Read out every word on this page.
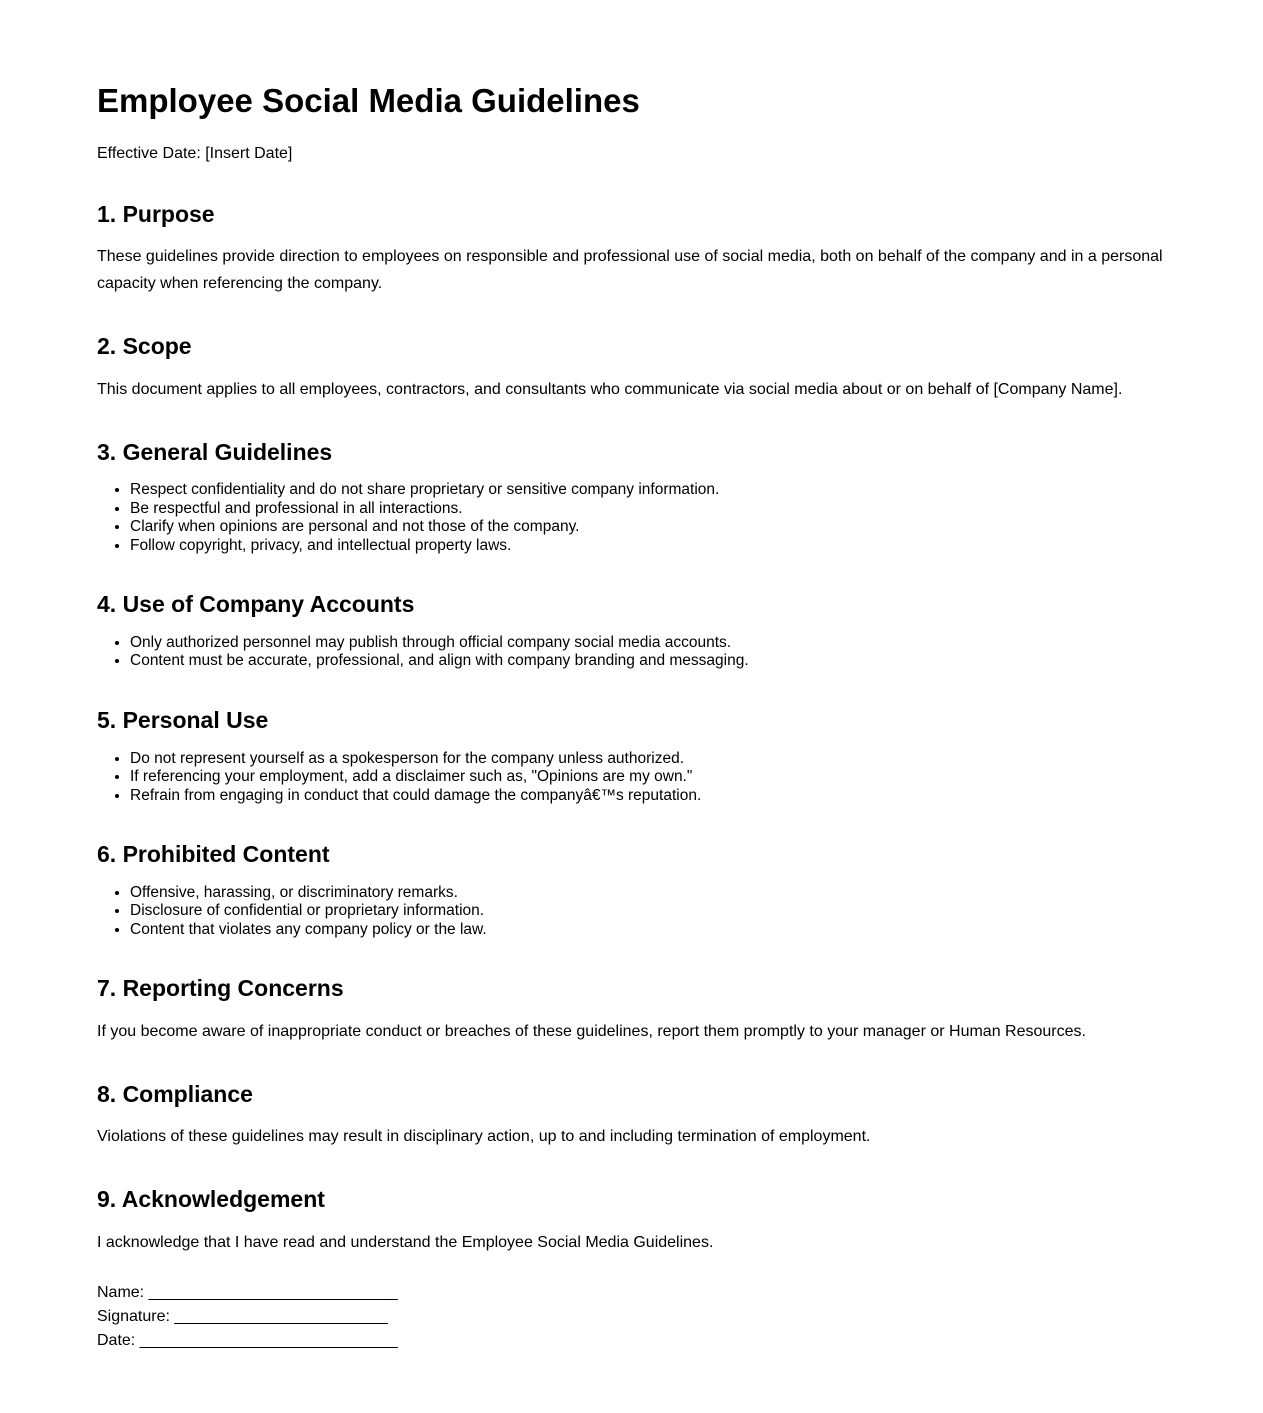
Employee Social Media Guidelines

Effective Date: [Insert Date]

1. Purpose

These guidelines provide direction to employees on responsible and professional use of social media, both on behalf of the company and in a personal capacity when referencing the company.

2. Scope

This document applies to all employees, contractors, and consultants who communicate via social media about or on behalf of [Company Name].

3. General Guidelines
• Respect confidentiality and do not share proprietary or sensitive company information.
• Be respectful and professional in all interactions.
• Clarify when opinions are personal and not those of the company.
• Follow copyright, privacy, and intellectual property laws.
4. Use of Company Accounts
• Only authorized personnel may publish through official company social media accounts.
• Content must be accurate, professional, and align with company branding and messaging.
5. Personal Use
• Do not represent yourself as a spokesperson for the company unless authorized.
• If referencing your employment, add a disclaimer such as, "Opinions are my own."
• Refrain from engaging in conduct that could damage the companyâ€™s reputation.
6. Prohibited Content
• Offensive, harassing, or discriminatory remarks.
• Disclosure of confidential or proprietary information.
• Content that violates any company policy or the law.
7. Reporting Concerns

If you become aware of inappropriate conduct or breaches of these guidelines, report them promptly to your manager or Human Resources.

8. Compliance

Violations of these guidelines may result in disciplinary action, up to and including termination of employment.

9. Acknowledgement

I acknowledge that I have read and understand the Employee Social Media Guidelines.

Name: ____________________________
Signature: ________________________
Date: _____________________________
